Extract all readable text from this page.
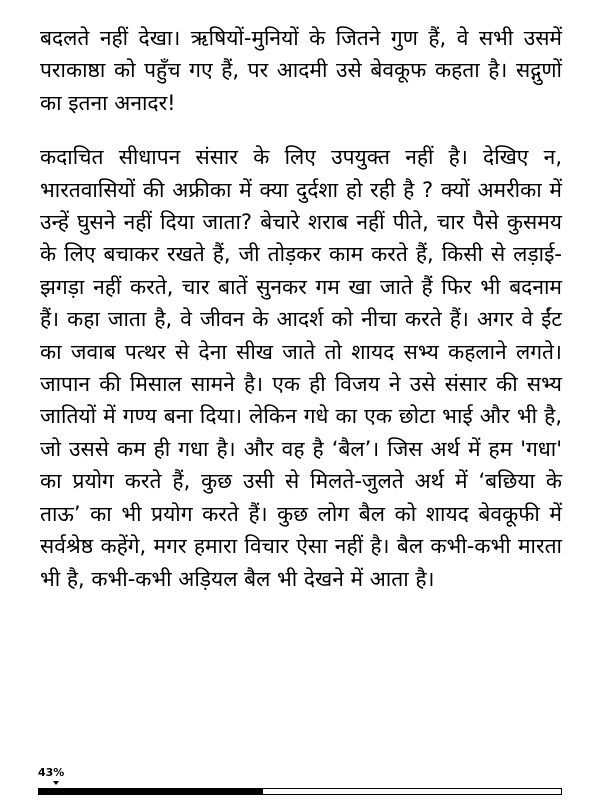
बदलते नहीं देखा। ऋषियों-मुनियों के जितने गुण हैं, वे सभी उसमें पराकाष्ठा को पहुँच गए हैं, पर आदमी उसे बेवकूफ कहता है। सद्गुणों का इतना अनादर!

कदाचित सीधापन संसार के लिए उपयुक्त नहीं है। देखिए न, भारतवासियों की अफ्रीका में क्या दुर्दशा हो रही है ? क्यों अमरीका में उन्हें घुसने नहीं दिया जाता? बेचारे शराब नहीं पीते, चार पैसे कुसमय के लिए बचाकर रखते हैं, जी तोड़कर काम करते हैं, किसी से लड़ाई-झगड़ा नहीं करते, चार बातें सुनकर गम खा जाते हैं फिर भी बदनाम हैं। कहा जाता है, वे जीवन के आदर्श को नीचा करते हैं। अगर वे ईंट का जवाब पत्थर से देना सीख जाते तो शायद सभ्य कहलाने लगते। जापान की मिसाल सामने है। एक ही विजय ने उसे संसार की सभ्य जातियों में गण्य बना दिया। लेकिन गधे का एक छोटा भाई और भी है, जो उससे कम ही गधा है। और वह है ‘बैल’। जिस अर्थ में हम 'गधा' का प्रयोग करते हैं, कुछ उसी से मिलते-जुलते अर्थ में ‘बछिया के ताऊ’ का भी प्रयोग करते हैं। कुछ लोग बैल को शायद बेवकूफी में सर्वश्रेष्ठ कहेंगे, मगर हमारा विचार ऐसा नहीं है। बैल कभी-कभी मारता भी है, कभी-कभी अड़ियल बैल भी देखने में आता है।

43%
